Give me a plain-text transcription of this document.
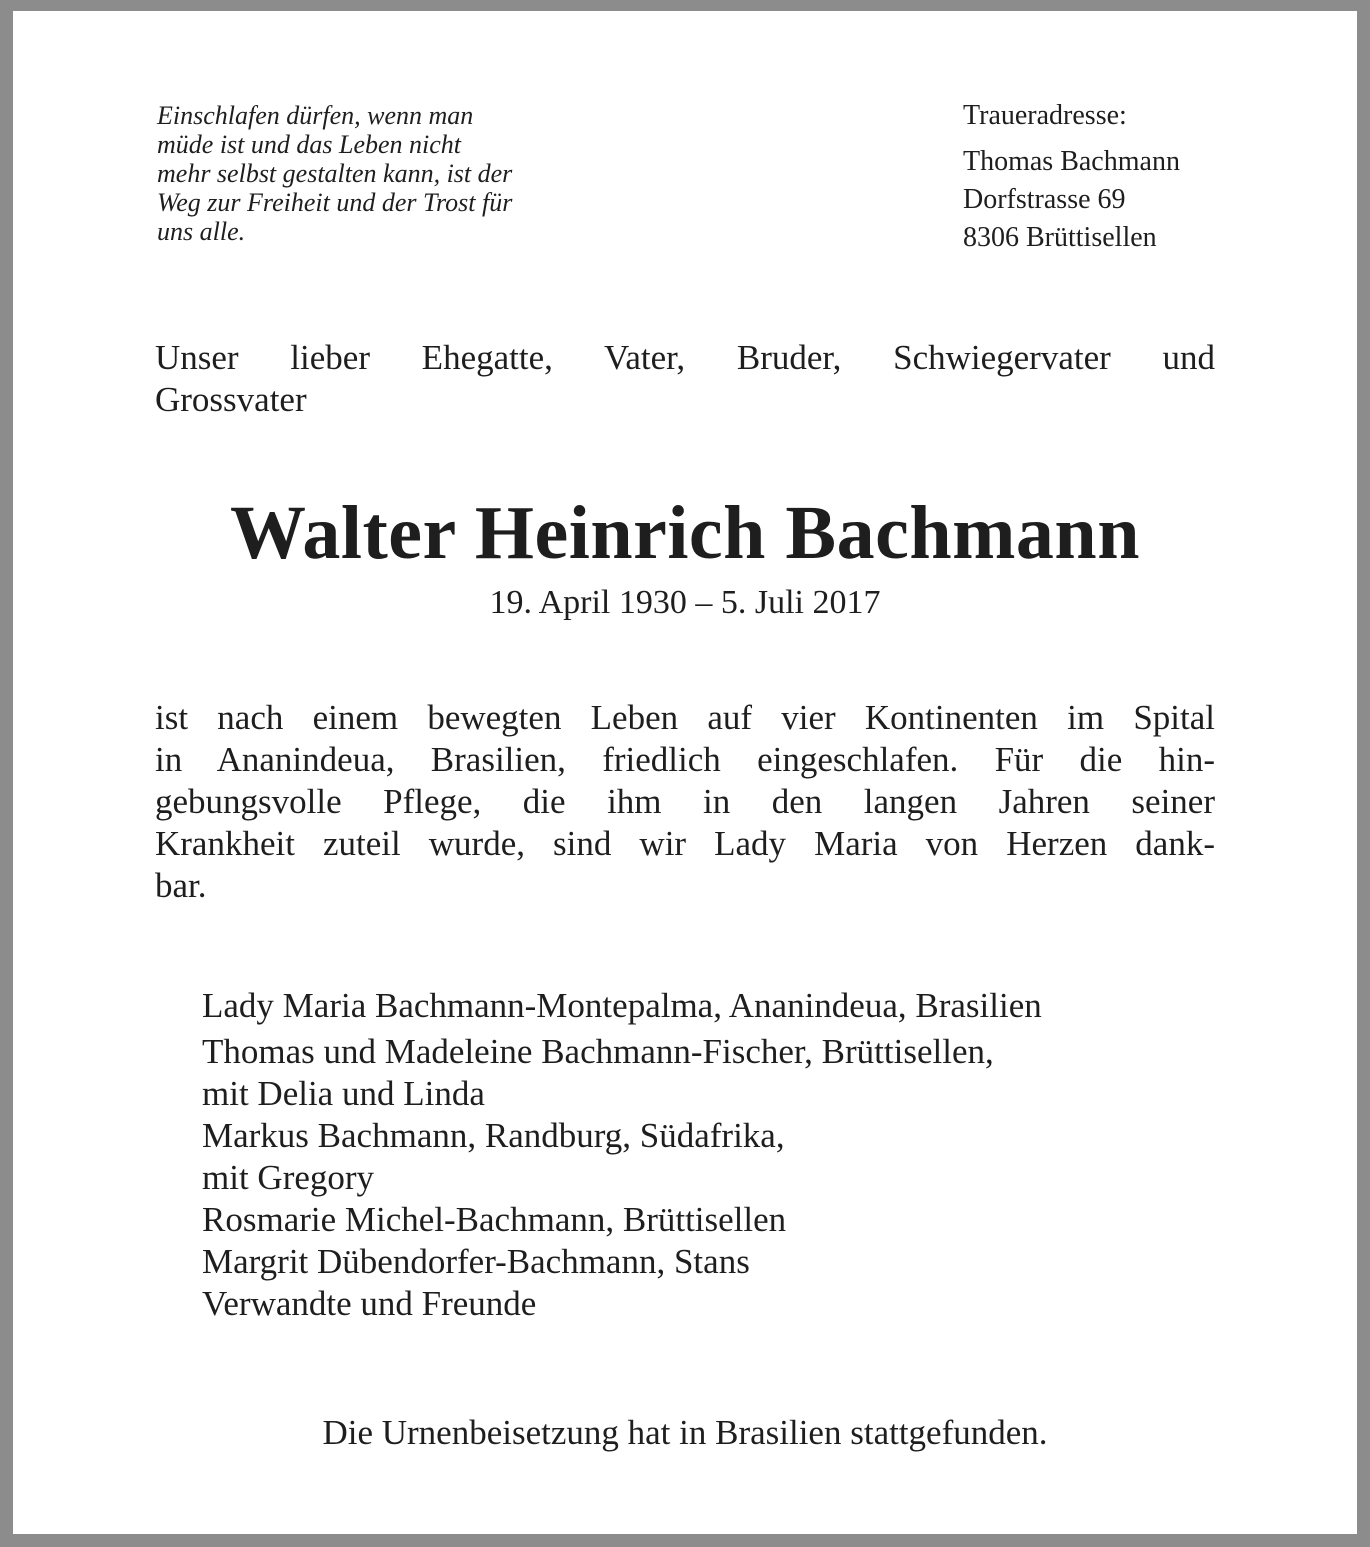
Einschlafen dürfen, wenn man
müde ist und das Leben nicht
mehr selbst gestalten kann, ist der
Weg zur Freiheit und der Trost für
uns alle.
Traueradresse:
Thomas Bachmann
Dorfstrasse 69
8306 Brüttisellen
Unser lieber Ehegatte, Vater, Bruder, Schwiegervater und
Grossvater
Walter Heinrich Bachmann
19. April 1930 – 5. Juli 2017
ist nach einem bewegten Leben auf vier Kontinenten im Spital
in Ananindeua, Brasilien, friedlich eingeschlafen. Für die hin-
gebungsvolle Pflege, die ihm in den langen Jahren seiner
Krankheit zuteil wurde, sind wir Lady Maria von Herzen dank-
bar.
Lady Maria Bachmann-Montepalma, Ananindeua, Brasilien
Thomas und Madeleine Bachmann-Fischer, Brüttisellen,
mit Delia und Linda
Markus Bachmann, Randburg, Südafrika,
mit Gregory
Rosmarie Michel-Bachmann, Brüttisellen
Margrit Dübendorfer-Bachmann, Stans
Verwandte und Freunde
Die Urnenbeisetzung hat in Brasilien stattgefunden.
